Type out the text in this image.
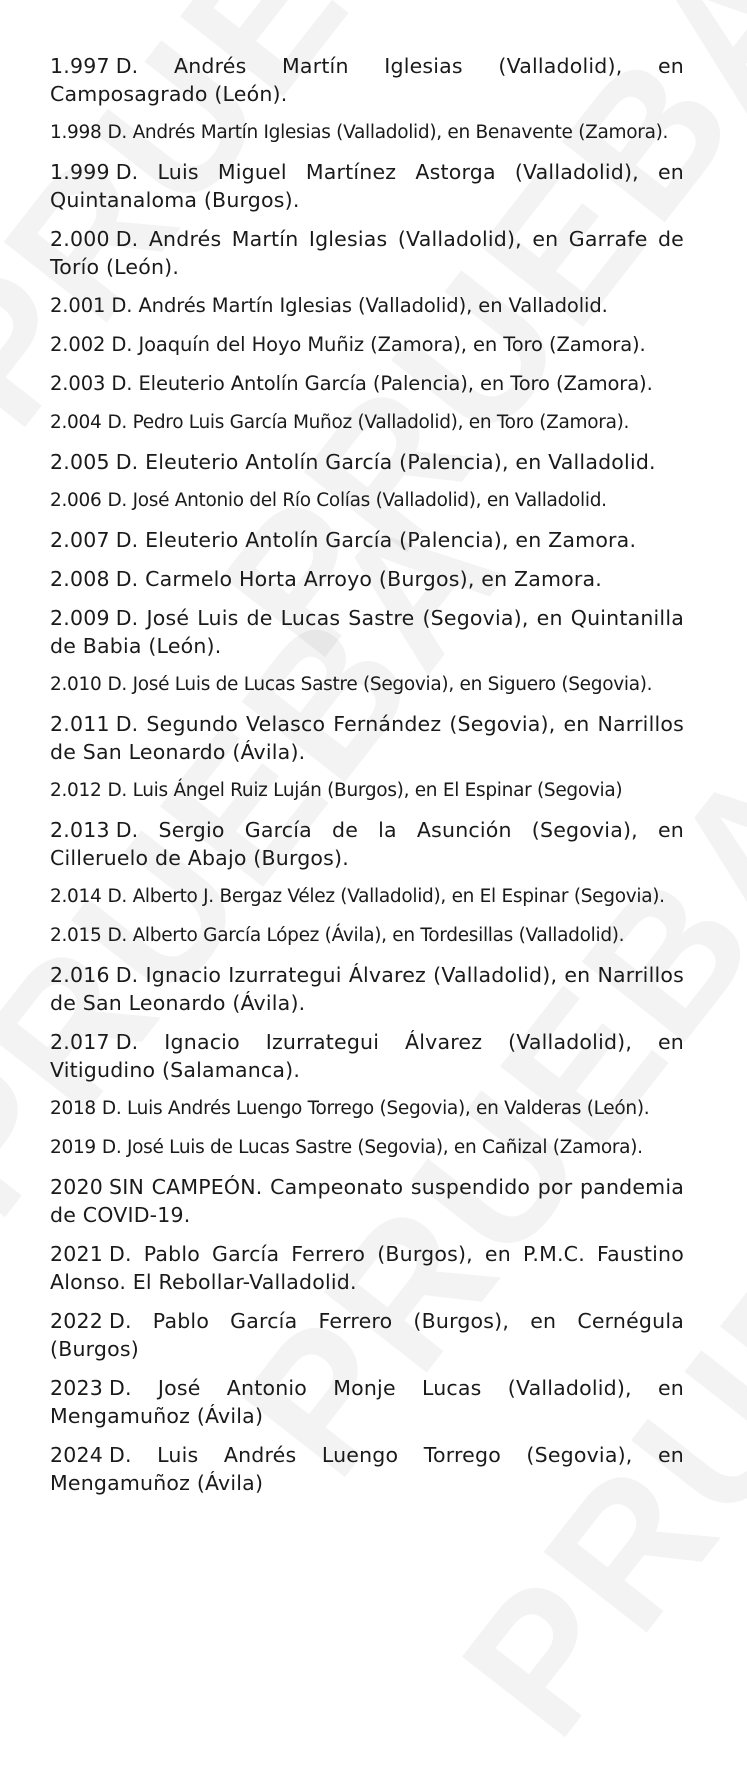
1.997 D. Andrés Martín Iglesias (Valladolid), en Camposagrado (León).

1.998 D. Andrés Martín Iglesias (Valladolid), en Benavente (Zamora).

1.999 D. Luis Miguel Martínez Astorga (Valladolid), en Quintanaloma (Burgos).

2.000 D. Andrés Martín Iglesias (Valladolid), en Garrafe de Torío (León).

2.001 D. Andrés Martín Iglesias (Valladolid), en Valladolid.

2.002 D. Joaquín del Hoyo Muñiz (Zamora), en Toro (Zamora).

2.003 D. Eleuterio Antolín García (Palencia), en Toro (Zamora).

2.004 D. Pedro Luis García Muñoz (Valladolid), en Toro (Zamora).

2.005 D. Eleuterio Antolín García (Palencia), en Valladolid.

2.006 D. José Antonio del Río Colías (Valladolid), en Valladolid.

2.007 D. Eleuterio Antolín García (Palencia), en Zamora.

2.008 D. Carmelo Horta Arroyo (Burgos), en Zamora.

2.009 D. José Luis de Lucas Sastre (Segovia), en Quintanilla de Babia (León).

2.010 D. José Luis de Lucas Sastre (Segovia), en Siguero (Segovia).

2.011 D. Segundo Velasco Fernández (Segovia), en Narrillos de San Leonardo (Ávila).

2.012 D. Luis Ángel Ruiz Luján (Burgos), en El Espinar (Segovia)

2.013 D. Sergio García de la Asunción (Segovia), en Cilleruelo de Abajo (Burgos).

2.014 D. Alberto J. Bergaz Vélez (Valladolid), en El Espinar (Segovia).

2.015 D. Alberto García López (Ávila), en Tordesillas (Valladolid).

2.016 D. Ignacio Izurrategui Álvarez (Valladolid), en Narrillos de San Leonardo (Ávila).

2.017 D. Ignacio Izurrategui Álvarez (Valladolid), en Vitigudino (Salamanca).

2018 D. Luis Andrés Luengo Torrego (Segovia), en Valderas (León).

2019 D. José Luis de Lucas Sastre (Segovia), en Cañizal (Zamora).

2020 SIN CAMPEÓN. Campeonato suspendido por pandemia de COVID-19.

2021 D. Pablo García Ferrero (Burgos), en P.M.C. Faustino Alonso. El Rebollar-Valladolid.

2022 D. Pablo García Ferrero (Burgos), en Cernégula (Burgos)

2023 D. José Antonio Monje Lucas (Valladolid), en Mengamuñoz (Ávila)

2024 D. Luis Andrés Luengo Torrego (Segovia), en Mengamuñoz (Ávila)
